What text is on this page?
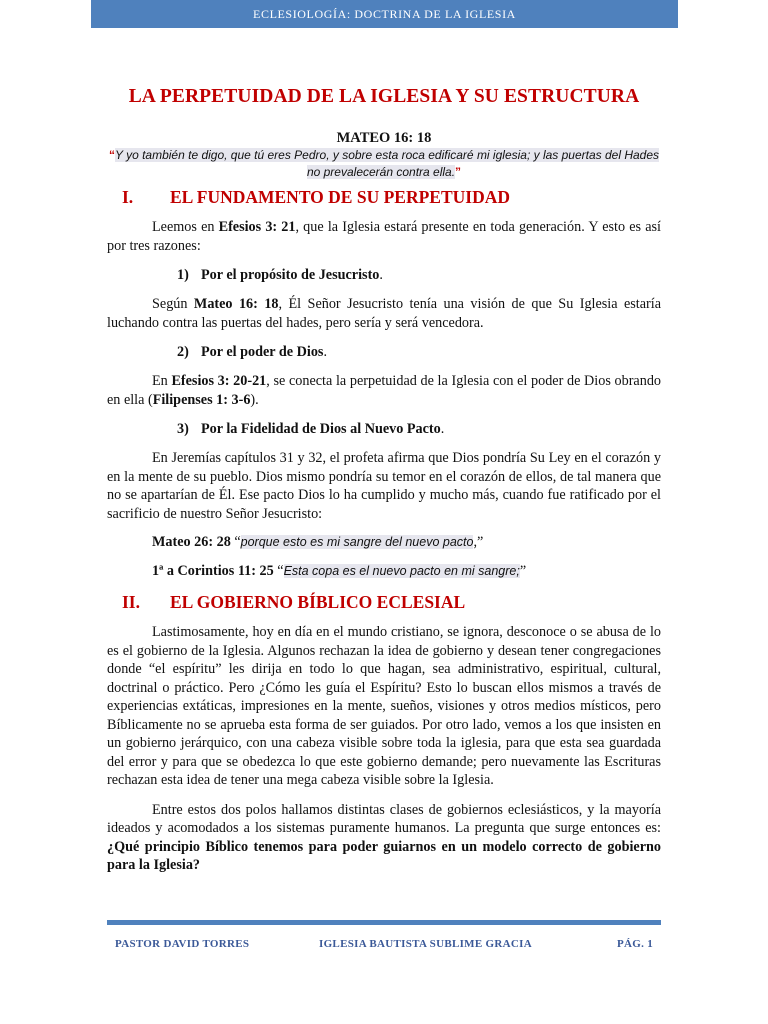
ECLESIOLOGÍA: DOCTRINA DE LA IGLESIA
LA PERPETUIDAD DE LA IGLESIA Y SU ESTRUCTURA
MATEO 16: 18
“Y yo también te digo, que tú eres Pedro, y sobre esta roca edificaré mi iglesia; y las puertas del Hades no prevalecerán contra ella.”
I.	EL FUNDAMENTO DE SU PERPETUIDAD

Leemos en Efesios 3: 21, que la Iglesia estará presente en toda generación. Y esto es así por tres razones:

1) Por el propósito de Jesucristo.

Según Mateo 16: 18, Él Señor Jesucristo tenía una visión de que Su Iglesia estaría luchando contra las puertas del hades, pero sería y será vencedora.

2) Por el poder de Dios.

En Efesios 3: 20-21, se conecta la perpetuidad de la Iglesia con el poder de Dios obrando en ella (Filipenses 1: 3-6).

3) Por la Fidelidad de Dios al Nuevo Pacto.

En Jeremías capítulos 31 y 32, el profeta afirma que Dios pondría Su Ley en el corazón y en la mente de su pueblo. Dios mismo pondría su temor en el corazón de ellos, de tal manera que no se apartarían de Él. Ese pacto Dios lo ha cumplido y mucho más, cuando fue ratificado por el sacrificio de nuestro Señor Jesucristo:

Mateo 26: 28 “porque esto es mi sangre del nuevo pacto,”
1ª a Corintios 11: 25 “Esta copa es el nuevo pacto en mi sangre;”
II.	EL GOBIERNO BÍBLICO ECLESIAL

Lastimosamente, hoy en día en el mundo cristiano, se ignora, desconoce o se abusa de lo es el gobierno de la Iglesia. Algunos rechazan la idea de gobierno y desean tener congregaciones donde “el espíritu” les dirija en todo lo que hagan, sea administrativo, espiritual, cultural, doctrinal o práctico. Pero ¿Cómo les guía el Espíritu? Esto lo buscan ellos mismos a través de experiencias extáticas, impresiones en la mente, sueños, visiones y otros medios místicos, pero Bíblicamente no se aprueba esta forma de ser guiados. Por otro lado, vemos a los que insisten en un gobierno jerárquico, con una cabeza visible sobre toda la iglesia, para que esta sea guardada del error y para que se obedezca lo que este gobierno demande; pero nuevamente las Escrituras rechazan esta idea de tener una mega cabeza visible sobre la Iglesia.

Entre estos dos polos hallamos distintas clases de gobiernos eclesiásticos, y la mayoría ideados y acomodados a los sistemas puramente humanos. La pregunta que surge entonces es: ¿Qué principio Bíblico tenemos para poder guiarnos en un modelo correcto de gobierno para la Iglesia?

PASTOR DAVID TORRES	IGLESIA BAUTISTA SUBLIME GRACIA	PÁG. 1
